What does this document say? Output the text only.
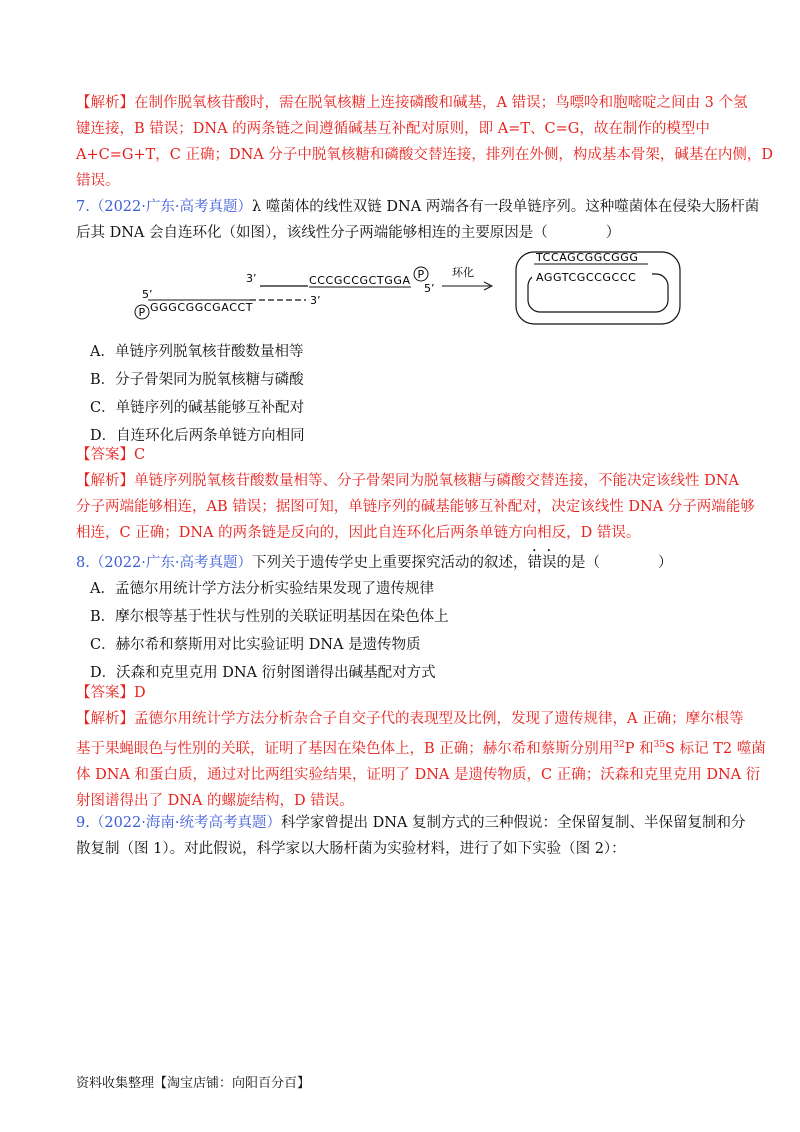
【解析】在制作脱氧核苷酸时，需在脱氧核糖上连接磷酸和碱基，A 错误；鸟嘌呤和胞嘧啶之间由 3 个氢
键连接，B 错误；DNA 的两条链之间遵循碱基互补配对原则，即 A=T、C=G，故在制作的模型中
A+C=G+T，C 正确；DNA 分子中脱氧核糖和磷酸交替连接，排列在外侧，构成基本骨架，碱基在内侧，D
错误。
7.（2022·广东·高考真题）λ 噬菌体的线性双链 DNA 两端各有一段单链序列。这种噬菌体在侵染大肠杆菌
后其 DNA 会自连环化（如图），该线性分子两端能够相连的主要原因是（　　　　）
3’	CCCGCCGCTGGA P
5’
5’
P GGGCGGCGACCT
3’
环化
TCCAGCGGCGGG
AGGTCGCCGCCC
A．单链序列脱氧核苷酸数量相等
B．分子骨架同为脱氧核糖与磷酸
C．单链序列的碱基能够互补配对
D．自连环化后两条单链方向相同
【答案】C
【解析】单链序列脱氧核苷酸数量相等、分子骨架同为脱氧核糖与磷酸交替连接，不能决定该线性 DNA
分子两端能够相连，AB 错误；据图可知，单链序列的碱基能够互补配对，决定该线性 DNA 分子两端能够
相连，C 正确；DNA 的两条链是反向的，因此自连环化后两条单链方向相反，D 错误。
8.（2022·广东·高考真题）下列关于遗传学史上重要探究活动的叙述，错误的是（　　　　）
A．孟德尔用统计学方法分析实验结果发现了遗传规律
B．摩尔根等基于性状与性别的关联证明基因在染色体上
C．赫尔希和蔡斯用对比实验证明 DNA 是遗传物质
D．沃森和克里克用 DNA 衍射图谱得出碱基配对方式
【答案】D
【解析】孟德尔用统计学方法分析杂合子自交子代的表现型及比例，发现了遗传规律，A 正确；摩尔根等
基于果蝇眼色与性别的关联，证明了基因在染色体上，B 正确；赫尔希和蔡斯分别用$^{32}$P 和$^{35}$S 标记 T2 噬菌
体 DNA 和蛋白质，通过对比两组实验结果，证明了 DNA 是遗传物质，C 正确；沃森和克里克用 DNA 衍
射图谱得出了 DNA 的螺旋结构，D 错误。
9.（2022·海南·统考高考真题）科学家曾提出 DNA 复制方式的三种假说：全保留复制、半保留复制和分
散复制（图 1）。对此假说，科学家以大肠杆菌为实验材料，进行了如下实验（图 2）：
资料收集整理【淘宝店铺：向阳百分百】
